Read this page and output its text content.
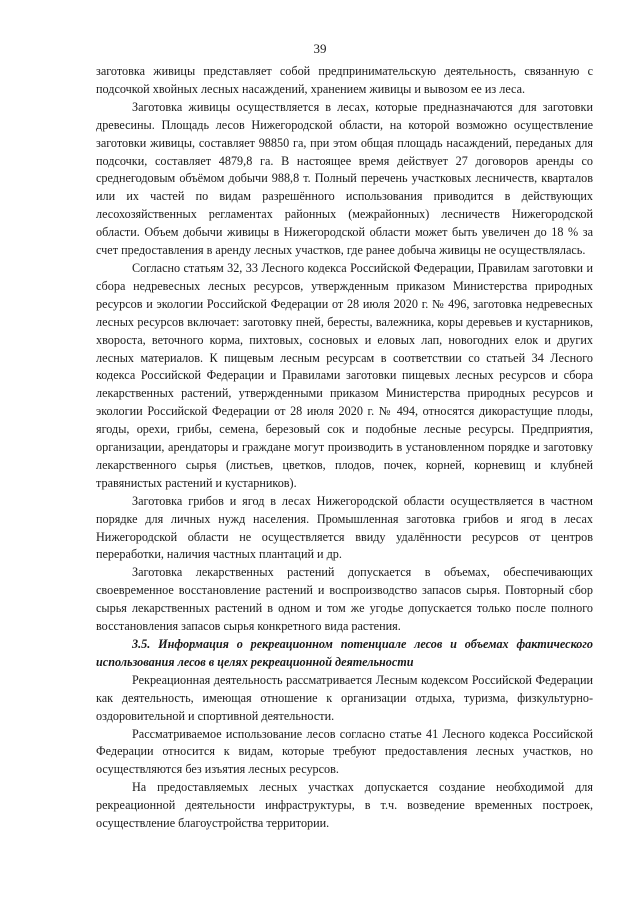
39

заготовка живицы представляет собой предпринимательскую деятельность, связанную с подсочкой хвойных лесных насаждений, хранением живицы и вывозом ее из леса.

Заготовка живицы осуществляется в лесах, которые предназначаются для заготовки древесины. Площадь лесов Нижегородской области, на которой возможно осуществление заготовки живицы, составляет 98850 га, при этом общая площадь насаждений, переданых для подсочки, составляет 4879,8 га. В настоящее время действует 27 договоров аренды со среднегодовым объёмом добычи 988,8 т. Полный перечень участковых лесничеств, кварталов или их частей по видам разрешённого использования приводится в действующих лесохозяйственных регламентах районных (межрайонных) лесничеств Нижегородской области. Объем добычи живицы в Нижегородской области может быть увеличен до 18 % за счет предоставления в аренду лесных участков, где ранее добыча живицы не осуществлялась.

Согласно статьям 32, 33 Лесного кодекса Российской Федерации, Правилам заготовки и сбора недревесных лесных ресурсов, утвержденным приказом Министерства природных ресурсов и экологии Российской Федерации от 28 июля 2020 г. № 496, заготовка недревесных лесных ресурсов включает: заготовку пней, бересты, валежника, коры деревьев и кустарников, хвороста, веточного корма, пихтовых, сосновых и еловых лап, новогодних елок и других лесных материалов. К пищевым лесным ресурсам в соответствии со статьей 34 Лесного кодекса Российской Федерации и Правилами заготовки пищевых лесных ресурсов и сбора лекарственных растений, утвержденными приказом Министерства природных ресурсов и экологии Российской Федерации от 28 июля 2020 г. № 494, относятся дикорастущие плоды, ягоды, орехи, грибы, семена, березовый сок и подобные лесные ресурсы. Предприятия, организации, арендаторы и граждане могут производить в установленном порядке и заготовку лекарственного сырья (листьев, цветков, плодов, почек, корней, корневищ и клубней травянистых растений и кустарников).

Заготовка грибов и ягод в лесах Нижегородской области осуществляется в частном порядке для личных нужд населения. Промышленная заготовка грибов и ягод в лесах Нижегородской области не осуществляется ввиду удалённости ресурсов от центров переработки, наличия частных плантаций и др.

Заготовка лекарственных растений допускается в объемах, обеспечивающих своевременное восстановление растений и воспроизводство запасов сырья. Повторный сбор сырья лекарственных растений в одном и том же угодье допускается только после полного восстановления запасов сырья конкретного вида растения.

3.5. Информация о рекреационном потенциале лесов и объемах фактического использования лесов в целях рекреационной деятельности

Рекреационная деятельность рассматривается Лесным кодексом Российской Федерации как деятельность, имеющая отношение к организации отдыха, туризма, физкультурно-оздоровительной и спортивной деятельности.

Рассматриваемое использование лесов согласно статье 41 Лесного кодекса Российской Федерации относится к видам, которые требуют предоставления лесных участков, но осуществляются без изъятия лесных ресурсов.

На предоставляемых лесных участках допускается создание необходимой для рекреационной деятельности инфраструктуры, в т.ч. возведение временных построек, осуществление благоустройства территории.
